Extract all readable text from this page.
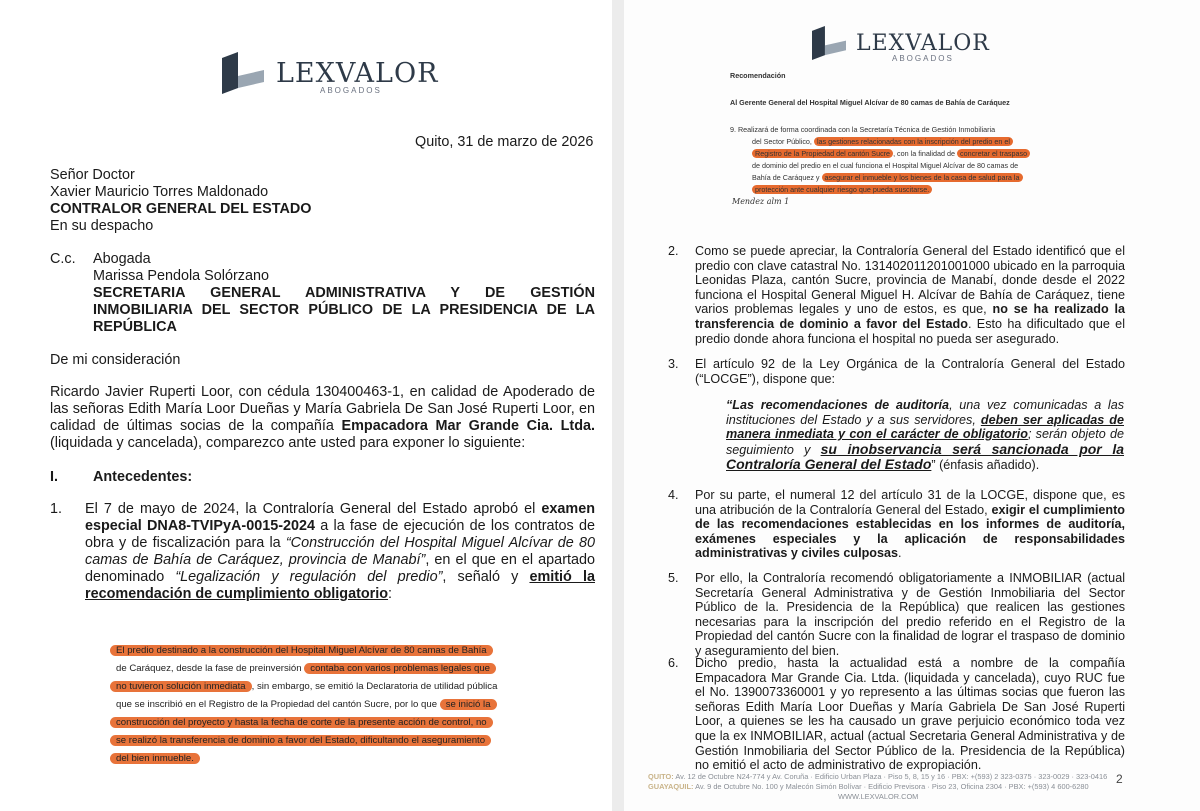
LEXVALOR
ABOGADOS
Quito, 31 de marzo de 2026
Señor Doctor
Xavier Mauricio Torres Maldonado
CONTRALOR GENERAL DEL ESTADO
En su despacho
C.c. Abogada
Marissa Pendola Solórzano
SECRETARIA GENERAL ADMINISTRATIVA Y DE GESTIÓN
INMOBILIARIA DEL SECTOR PÚBLICO DE LA PRESIDENCIA DE LA
REPÚBLICA
De mi consideración
Ricardo Javier Ruperti Loor, con cédula 130400463-1, en calidad de Apoderado de las señoras Edith María Loor Dueñas y María Gabriela De San José Ruperti Loor, en calidad de últimas socias de la compañía Empacadora Mar Grande Cia. Ltda. (liquidada y cancelada), comparezco ante usted para exponer lo siguiente:
I. Antecedentes:
1. El 7 de mayo de 2024, la Contraloría General del Estado aprobó el examen especial DNA8-TVIPyA-0015-2024 a la fase de ejecución de los contratos de obra y de fiscalización para la “Construcción del Hospital Miguel Alcívar de 80 camas de Bahía de Caráquez, provincia de Manabí”, en el que en el apartado denominado “Legalización y regulación del predio”, señaló y emitió la recomendación de cumplimiento obligatorio:
El predio destinado a la construcción del Hospital Miguel Alcívar de 80 camas de Bahía
de Caráquez, desde la fase de preinversión contaba con varios problemas legales que
no tuvieron solución inmediata , sin embargo, se emitió la Declaratoria de utilidad pública
que se inscribió en el Registro de la Propiedad del cantón Sucre, por lo que se inició la
construcción del proyecto y hasta la fecha de corte de la presente acción de control, no
se realizó la transferencia de dominio a favor del Estado, dificultando el aseguramiento
del bien inmueble.
LEXVALOR
ABOGADOS
Recomendación
Al Gerente General del Hospital Miguel Alcívar de 80 camas de Bahía de Caráquez
9. Realizará de forma coordinada con la Secretaría Técnica de Gestión Inmobiliaria
del Sector Público, las gestiones relacionadas con la inscripción del predio en el
Registro de la Propiedad del cantón Sucre , con la finalidad de concretar el traspaso
de dominio del predio en el cual funciona el Hospital Miguel Alcívar de 80 camas de
Bahía de Caráquez y asegurar el inmueble y los bienes de la casa de salud para la
protección ante cualquier riesgo que pueda suscitarse.
Mendez alm 1
2. Como se puede apreciar, la Contraloría General del Estado identificó que el predio con clave catastral No. 131402011201001000 ubicado en la parroquia Leonidas Plaza, cantón Sucre, provincia de Manabí, donde desde el 2022 funciona el Hospital General Miguel H. Alcívar de Bahía de Caráquez, tiene varios problemas legales y uno de estos, es que, no se ha realizado la transferencia de dominio a favor del Estado. Esto ha dificultado que el predio donde ahora funciona el hospital no pueda ser asegurado.
3. El artículo 92 de la Ley Orgánica de la Contraloría General del Estado (“LOCGE”), dispone que:
“Las recomendaciones de auditoría, una vez comunicadas a las instituciones del Estado y a sus servidores, deben ser aplicadas de manera inmediata y con el carácter de obligatorio; serán objeto de seguimiento y su inobservancia será sancionada por la Contraloría General del Estado” (énfasis añadido).
4. Por su parte, el numeral 12 del artículo 31 de la LOCGE, dispone que, es una atribución de la Contraloría General del Estado, exigir el cumplimiento de las recomendaciones establecidas en los informes de auditoría, exámenes especiales y la aplicación de responsabilidades administrativas y civiles culposas.
5. Por ello, la Contraloría recomendó obligatoriamente a INMOBILIAR (actual Secretaría General Administrativa y de Gestión Inmobiliaria del Sector Público de la. Presidencia de la República) que realicen las gestiones necesarias para la inscripción del predio referido en el Registro de la Propiedad del cantón Sucre con la finalidad de lograr el traspaso de dominio y aseguramiento del bien.
6. Dicho predio, hasta la actualidad está a nombre de la compañía Empacadora Mar Grande Cia. Ltda. (liquidada y cancelada), cuyo RUC fue el No. 1390073360001 y yo represento a las últimas socias que fueron las señoras Edith María Loor Dueñas y María Gabriela De San José Ruperti Loor, a quienes se les ha causado un grave perjuicio económico toda vez que la ex INMOBILIAR, actual (actual Secretaria General Administrativa y de Gestión Inmobiliaria del Sector Público de la. Presidencia de la República) no emitió el acto de administrativo de expropiación.
QUITO: Av. 12 de Octubre N24-774 y Av. Coruña · Edificio Urban Plaza · Piso 5, 8, 15 y 16 · PBX: +(593) 2 323-0375 · 323-0029 · 323-0416
GUAYAQUIL: Av. 9 de Octubre No. 100 y Malecón Simón Bolívar · Edificio Previsora · Piso 23, Oficina 2304 · PBX: +(593) 4 600-6280
WWW.LEXVALOR.COM
2
